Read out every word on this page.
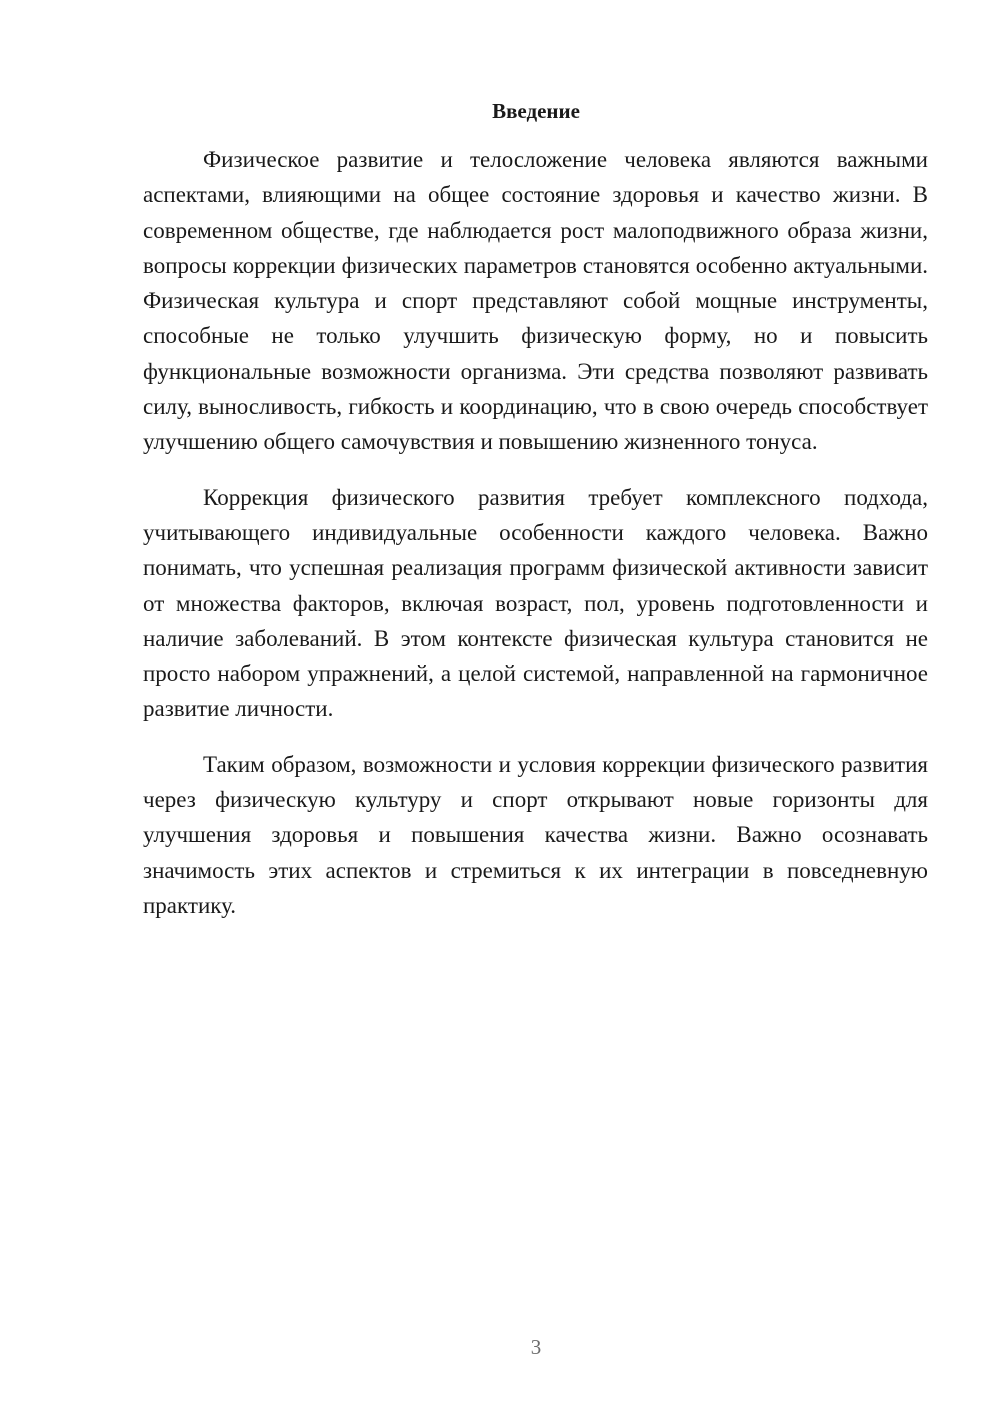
Введение

Физическое развитие и телосложение человека являются важными аспектами, влияющими на общее состояние здоровья и качество жизни. В современном обществе, где наблюдается рост малоподвижного образа жизни, вопросы коррекции физических параметров становятся особенно актуальными. Физическая культура и спорт представляют собой мощные инструменты, способные не только улучшить физическую форму, но и повысить функциональные возможности организма. Эти средства позволяют развивать силу, выносливость, гибкость и координацию, что в свою очередь способствует улучшению общего самочувствия и повышению жизненного тонуса.

Коррекция физического развития требует комплексного подхода, учитывающего индивидуальные особенности каждого человека. Важно понимать, что успешная реализация программ физической активности зависит от множества факторов, включая возраст, пол, уровень подготовленности и наличие заболеваний. В этом контексте физическая культура становится не просто набором упражнений, а целой системой, направленной на гармоничное развитие личности.

Таким образом, возможности и условия коррекции физического развития через физическую культуру и спорт открывают новые горизонты для улучшения здоровья и повышения качества жизни. Важно осознавать значимость этих аспектов и стремиться к их интеграции в повседневную практику.

3
